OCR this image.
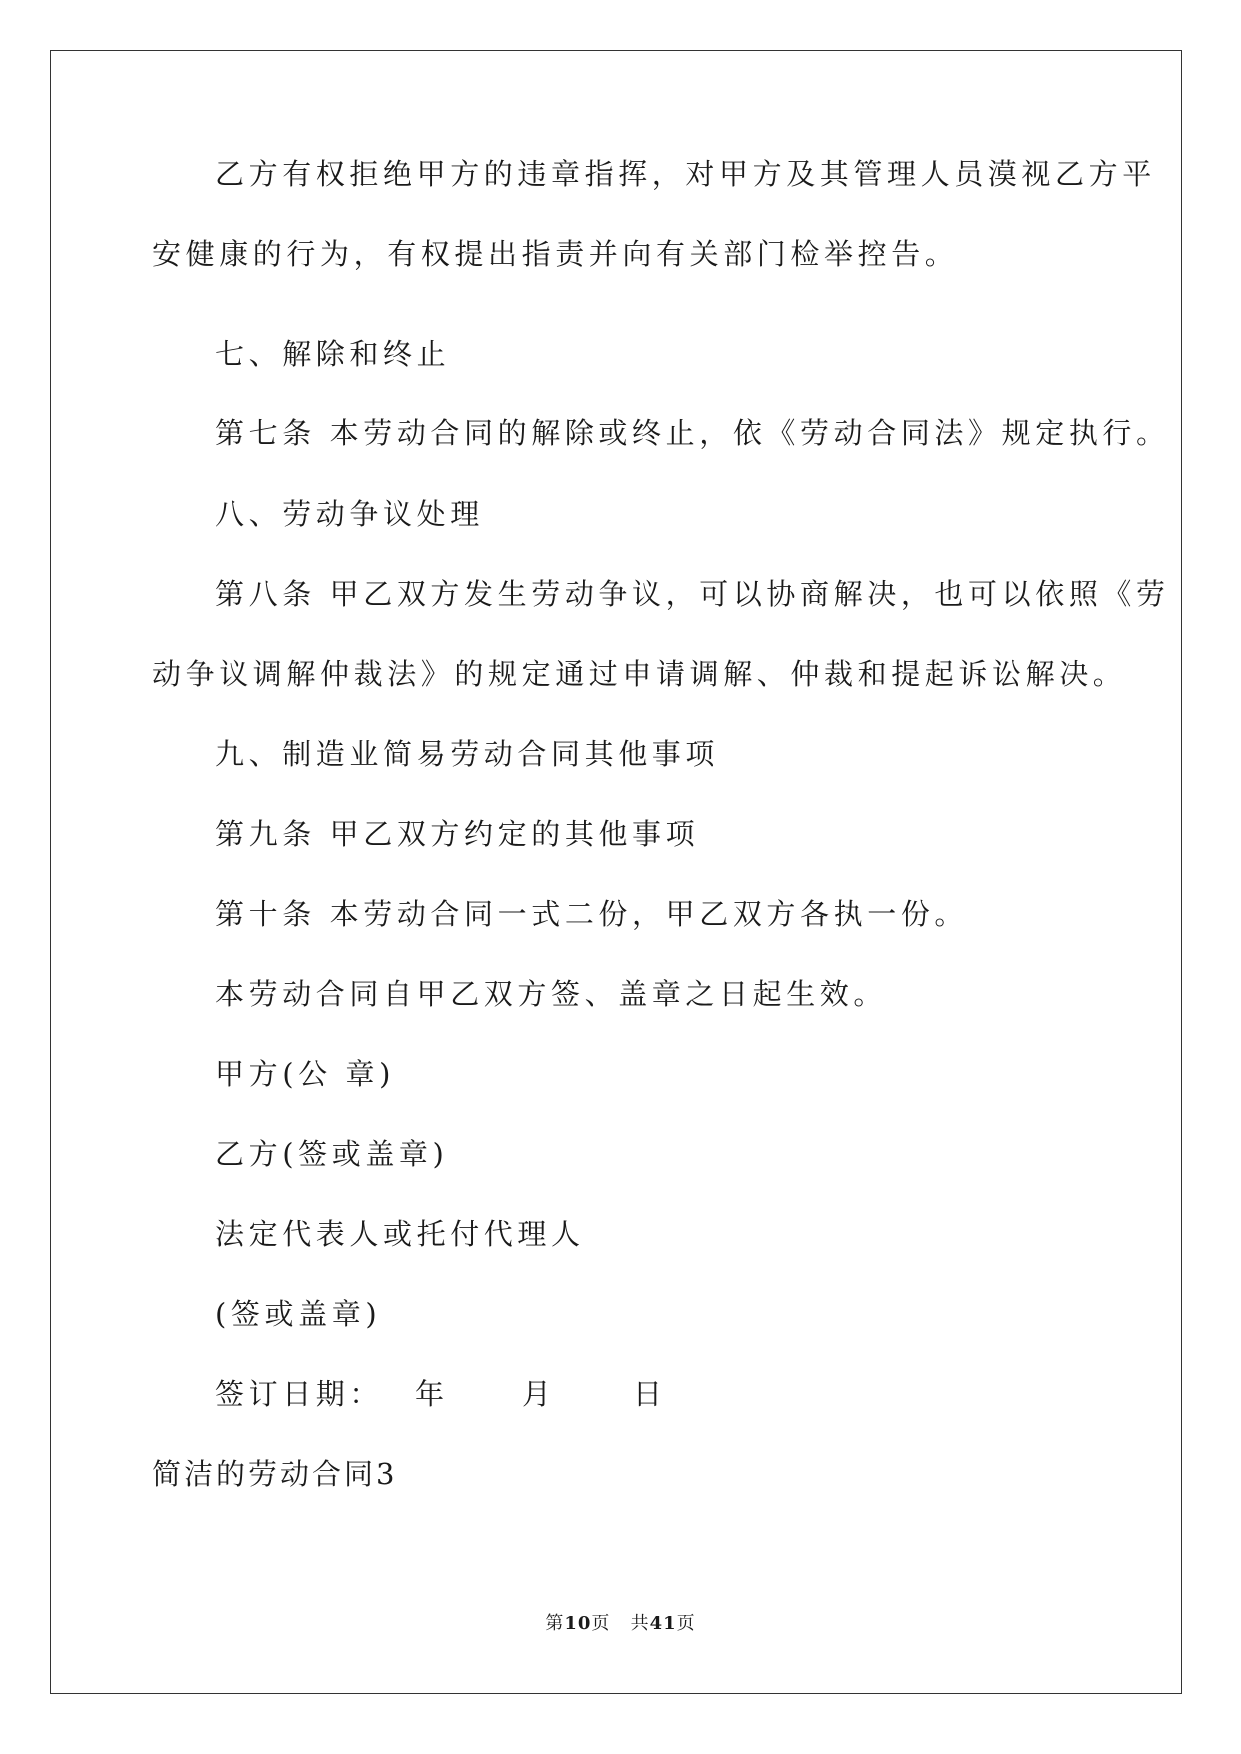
乙方有权拒绝甲方的违章指挥，对甲方及其管理人员漠视乙方平
安健康的行为，有权提出指责并向有关部门检举控告。
七、解除和终止
第七条 本劳动合同的解除或终止，依《劳动合同法》规定执行。
八、劳动争议处理
第八条 甲乙双方发生劳动争议，可以协商解决，也可以依照《劳
动争议调解仲裁法》的规定通过申请调解、仲裁和提起诉讼解决。
九、制造业简易劳动合同其他事项
第九条 甲乙双方约定的其他事项
第十条 本劳动合同一式二份，甲乙双方各执一份。
本劳动合同自甲乙双方签、盖章之日起生效。
甲方(公 章)
乙方(签或盖章)
法定代表人或托付代理人
(签或盖章)
签订日期： 年	月	日
简洁的劳动合同3
第10页 共41页
